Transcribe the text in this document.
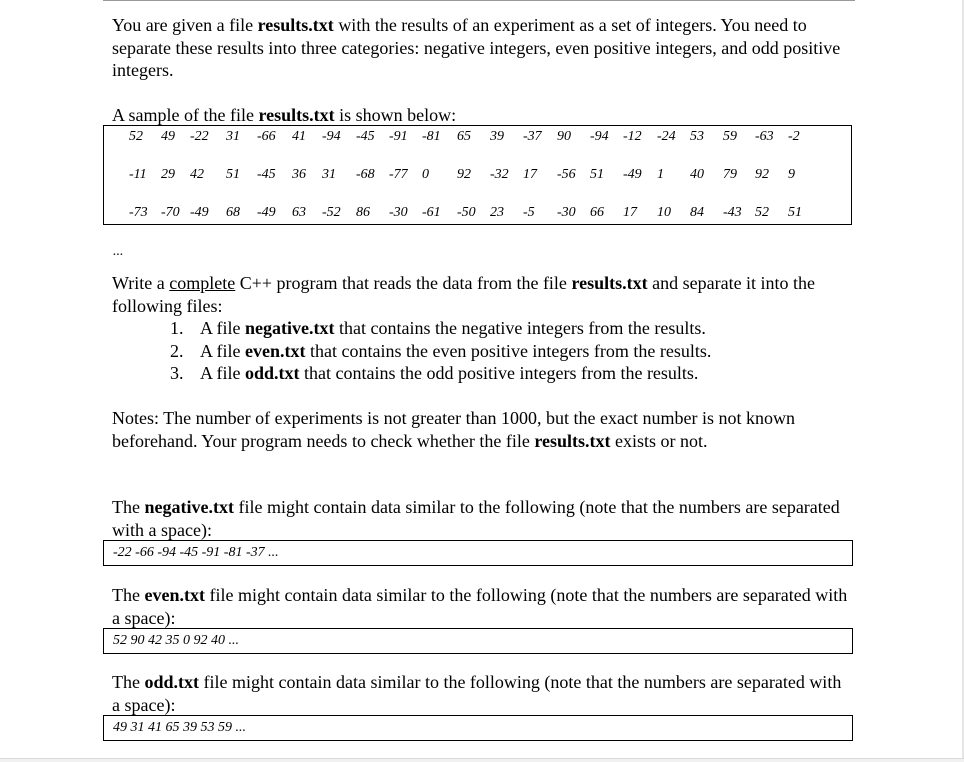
You are given a file results.txt with the results of an experiment as a set of integers. You need to separate these results into three categories: negative integers, even positive integers, and odd positive integers.
A sample of the file results.txt is shown below:
52 49 -22 31 -66 41 -94 -45 -91 -81 65 39 -37 90 -94 -12 -24 53 59 -63 -2
-11 29 42 51 -45 36 31 -68 -77 0 92 -32 17 -56 51 -49 1 40 79 92 9
-73 -70 -49 68 -49 63 -52 86 -30 -61 -50 23 -5 -30 66 17 10 84 -43 52 51
...
Write a complete C++ program that reads the data from the file results.txt and separate it into the following files:
1. A file negative.txt that contains the negative integers from the results.
2. A file even.txt that contains the even positive integers from the results.
3. A file odd.txt that contains the odd positive integers from the results.
Notes: The number of experiments is not greater than 1000, but the exact number is not known beforehand. Your program needs to check whether the file results.txt exists or not.
The negative.txt file might contain data similar to the following (note that the numbers are separated with a space):
-22 -66 -94 -45 -91 -81 -37 ...
The even.txt file might contain data similar to the following (note that the numbers are separated with a space):
52 90 42 35 0 92 40 ...
The odd.txt file might contain data similar to the following (note that the numbers are separated with a space):
49 31 41 65 39 53 59 ...
